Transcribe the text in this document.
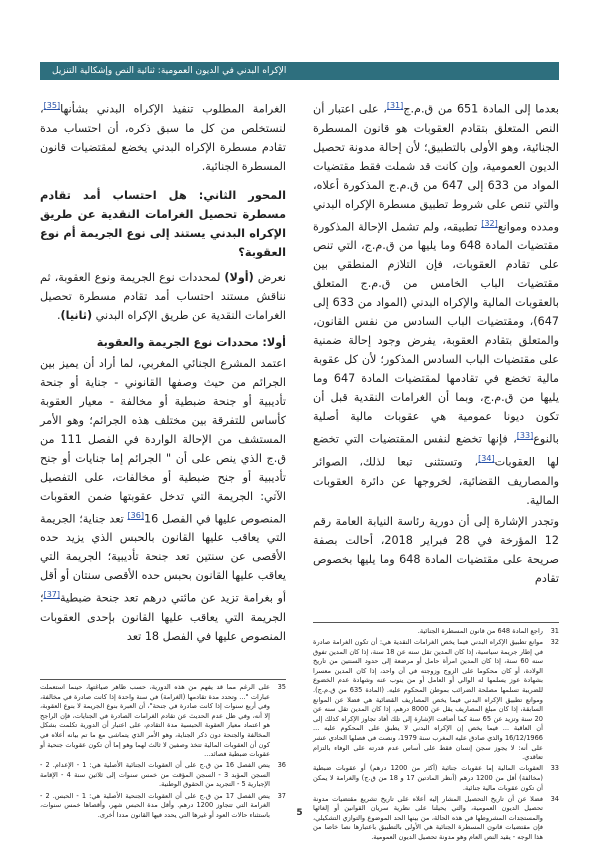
الإكراه البدني في الديون العمومية: ثنائية النص وإشكالية التنزيل

بعدما إلى المادة 651 من ق.م.ج[31]، على اعتبار أن النص المتعلق بتقادم العقوبات هو قانون المسطرة الجنائية، وهو الأولى بالتطبيق؛ لأن إحالة مدونة تحصيل الديون العمومية، وإن كانت قد شملت فقط مقتضيات المواد من 633 إلى 647 من ق.م.ج المذكورة أعلاه، والتي تنص على شروط تطبيق مسطرة الإكراه البدني ومدده وموانع[32] تطبيقه، ولم تشمل الإحالة المذكورة مقتضيات المادة 648 وما يليها من ق.م.ج، التي تنص على تقادم العقوبات، فإن التلازم المنطقي بين مقتضيات الباب الخامس من ق.م.ج المتعلق بالعقوبات المالية والإكراه البدني (المواد من 633 إلى 647)، ومقتضيات الباب السادس من نفس القانون، والمتعلق بتقادم العقوبة، يفرض وجود إحالة ضمنية على مقتضيات الباب السادس المذكور؛ لأن كل عقوبة مالية تخضع في تقادمها لمقتضيات المادة 647 وما يليها من ق.م.ج، وبما أن الغرامات النقدية قبل أن تكون ديونا عمومية هي عقوبات مالية أصلية بالنوع[33]، فإنها تخضع لنفس المقتضيات التي تخضع لها العقوبات[34]، وتستثنى تبعا لذلك، الصوائر والمصاريف القضائية، لخروجها عن دائرة العقوبات المالية.

وتجدر الإشارة إلى أن دورية رئاسة النيابة العامة رقم 12 المؤرخة في 28 فبراير 2018، أحالت بصفة صريحة على مقتضيات المادة 648 وما يليها بخصوص تقادم

الغرامة المطلوب تنفيذ الإكراه البدني بشأنها[35]، لنستخلص من كل ما سبق ذكره، أن احتساب مدة تقادم مسطرة الإكراه البدني يخضع لمقتضيات قانون المسطرة الجنائية.

المحور الثاني: هل احتساب أمد تقادم مسطرة تحصيل الغرامات النقدية عن طريق الإكراه البدني يستند إلى نوع الجريمة أم نوع العقوبة؟

نعرض (أولا) لمحددات نوع الجريمة ونوع العقوبة، ثم نناقش مستند احتساب أمد تقادم مسطرة تحصيل الغرامات النقدية عن طريق الإكراه البدني (ثانيا).

أولا: محددات نوع الجريمة والعقوبة

اعتمد المشرع الجنائي المغربي، لما أراد أن يميز بين الجرائم من حيث وصفها القانوني - جناية أو جنحة تأديبية أو جنحة ضبطية أو مخالفة - معيار العقوبة كأساس للتفرقة بين مختلف هذه الجرائم؛ وهو الأمر المستشف من الإحالة الواردة في الفصل 111 من ق.ج الذي ينص على أن " الجرائم إما جنايات أو جنح تأديبية أو جنح ضبطية أو مخالفات، على التفصيل الآتي: الجريمة التي تدخل عقوبتها ضمن العقوبات المنصوص عليها في الفصل 16[36] تعد جناية؛ الجريمة التي يعاقب عليها القانون بالحبس الذي يزيد حده الأقصى عن سنتين تعد جنحة تأديبية؛ الجريمة التي يعاقب عليها القانون بحبس حده الأقصى سنتان أو أقل أو بغرامة تزيد عن مائتي درهم تعد جنحة ضبطية[37]؛ الجريمة التي يعاقب عليها القانون بإحدى العقوبات المنصوص عليها في الفصل 18 تعد	31
راجع المادة 648 من قانون المسطرة الجنائية.
32
موانع تطبيق الإكراه البدني فيما يخص الغرامات النقدية هي: أن تكون الغرامة صادرة في إطار جريمة سياسية، إذا كان المدين تقل سنه عن 18 سنة، إذا كان المدين تفوق سنه 60 سنة، إذا كان المدين امرأة حامل أو مرضعة إلى حدود السنتين من تاريخ الولادة، أو كان محكوما على الزوج وزوجته في آن واحد، إذا كان المدين معسرا بشهادة عوز يسلمها له الوالي أو العامل أو من ينوب عنه وشهادة عدم الخضوع للضريبة تسلمها مصلحة الضرائب بموطن المحكوم عليه. (المادة 635 من ق.م.ج). وموانع تطبيق الإكراه البدني فيما يخص المصاريف القضائية هي فضلا عن الموانع السابقة، إذا كان مبلغ المصاريف يقل عن 8000 درهم، إذا كان المدين تقل سنه عن 20 سنة وتزيد عن 65 سنة كما أضافت الإشارة إلى تلك أفاد تجاوز الإكراه كذلك إلى أن العاقبة ... فيما يخص إن الإكراه البدني لا يطبق على المحكوم عليه ... 16/12/1966 والذي صادق عليه المغرب سنة 1979، ونصت في فصلها الحادي عشر على أنه: لا يجوز سجن إنسان فقط على أساس عدم قدرته على الوفاء بالتزام تعاقدي.
33
العقوبات المالية إما عقوبات جنائية (أكثر من 1200 درهم) أو عقوبات ضبطية (مخالفة) أقل من 1200 درهم (أنظر المادتين 17 و 18 من ق.ج) والغرامة لا يمكن أن تكون عقوبات مالية جنائية.
34
فضلا عن أن تاريخ التحصيل المشار إليه أعلاه على تاريخ تشريع مقتضيات مدونة تحصيل الديون العمومية، والتي يحيلنا على نظرية سريان القوانين أو إلغائها والمستجدات المشروطها في هذه الحالة، من بينها الحد الموضوع والتوازي التشكيلي، فإن مقتضيات قانون المسطرة الجنائية هي الأولى بالتطبيق باعتبارها نصا خاصا من هذا الوجه - يقيد النص العام وهو مدونة تحصيل الديون العمومية.
35
على الرغم مما قد يفهم من هذه الدورية، حسب ظاهر صياغتها، حينما استعملت عبارات "... وتحدد مدة تقادمها (الغرامة) في سنة واحدة إذا كانت صادرة في مخالفة، وفي أربع سنوات إذا كانت صادرة في جنحة"، أن العبرة بنوع الجريمة لا بنوع العقوبة، إلا أنه، وفي ظل عدم الحديث عن تقادم الغرامات الصادرة في الجنايات، فإن الراجح هو اعتماد معيار العقوبة الحبسية مدة التقادم، على اعتبار أن الدورية تكلمت بشكل المخالفة والجنحة دون ذكر الجناية، وهو الأمر الذي يتماشى مع ما تم بيانه أعلاه في كون أن العقوبات المالية تتخذ وصفين لا ثالث لهما وهو إما أن تكون عقوبات جنحية أو عقوبات ضبطية فصائد...
36
ينص الفصل 16 من ق.ج على أن العقوبات الجنائية الأصلية هي: 1 - الإعدام. 2 - السجن المؤبد 3 - السجن المؤقت من خمس سنوات إلى ثلاثين سنة 4 - الإقامة الإجبارية 5 - التجريد من الحقوق الوطنية.
37
ينص الفصل 17 من ق.ج على أن العقوبات الجنحية الأصلية هي: 1 - الحبس. 2 - الغرامة التي تتجاوز 1200 درهم. وأقل مدة الحبس شهر، وأقصاها خمس سنوات، باستثناء حالات العود أو غيرها التي يحدد فيها القانون مددا أخرى.	5
